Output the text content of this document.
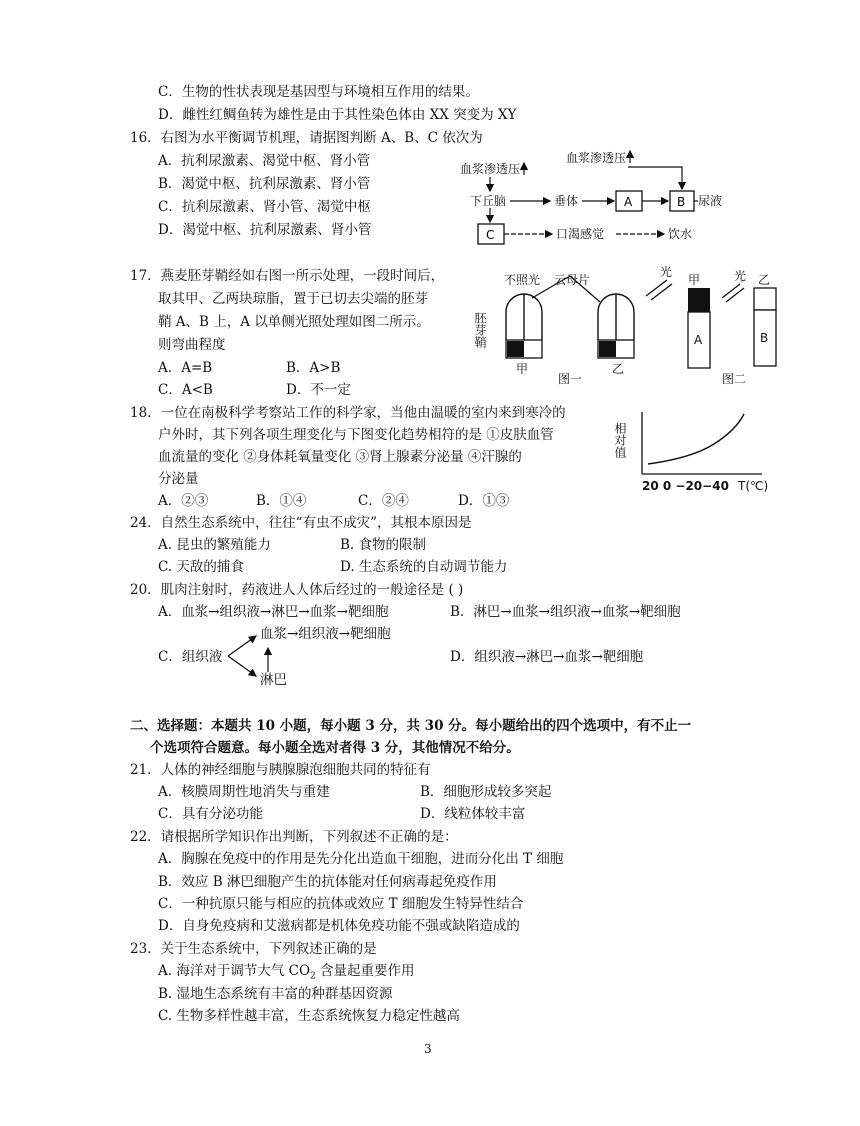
C．生物的性状表现是基因型与环境相互作用的结果。
D．雌性红鲷鱼转为雄性是由于其性染色体由 XX 突变为 XY
16．右图为水平衡调节机理，请据图判断 A、B、C 依次为
A．抗利尿激素、渴觉中枢、肾小管
B．渴觉中枢、抗利尿激素、肾小管
C．抗利尿激素、肾小管、渴觉中枢
D．渴觉中枢、抗利尿激素、肾小管
血浆渗透压
下丘脑
血浆渗透压
垂体	尿液
口渴感觉	饮水
A	B
C
17．燕麦胚芽鞘经如右图一所示处理，一段时间后，
取其甲、乙两块琼脂，置于已切去尖端的胚芽
鞘 A、B 上，A 以单侧光照处理如图二所示。
则弯曲程度
A．A=B	B．A>B
C．A<B	D．不一定
不照光 云母片
光	光
甲	乙
甲
图一
乙
图二
胚芽鞘	A	B
18．一位在南极科学考察站工作的科学家，当他由温暖的室内来到寒冷的
户外时，其下列各项生理变化与下图变化趋势相符的是 ①皮肤血管
血流量的变化 ②身体耗氧量变化 ③肾上腺素分泌量 ④汗腺的
分泌量
A．②③	B．①④	C．②④	D．①③
相对值
20 0 −20−40 T(℃)
24．自然生态系统中，往往“有虫不成灾”，其根本原因是
A. 昆虫的繁殖能力	B. 食物的限制
C. 天敌的捕食	D. 生态系统的自动调节能力
20．肌肉注射时，药液进人人体后经过的一般途径是 ( )
A．血浆→组织液→淋巴→血浆→靶细胞	B．淋巴→血浆→组织液→血浆→靶细胞
血浆→组织液→靶细胞
C．组织液
淋巴
D．组织液→淋巴→血浆→靶细胞
二、选择题：本题共 10 小题，每小题 3 分，共 30 分。每小题给出的四个选项中，有不止一
个选项符合题意。每小题全选对者得 3 分，其他情况不给分。
21．人体的神经细胞与胰腺腺泡细胞共同的特征有
A．核膜周期性地消失与重建	B．细胞形成较多突起
C．具有分泌功能	D．线粒体较丰富
22．请根据所学知识作出判断，下列叙述不正确的是：
A．胸腺在免疫中的作用是先分化出造血干细胞，进而分化出 T 细胞
B．效应 B 淋巴细胞产生的抗体能对任何病毒起免疫作用
C．一种抗原只能与相应的抗体或效应 T 细胞发生特异性结合
D．自身免疫病和艾滋病都是机体免疫功能不强或缺陷造成的
23．关于生态系统中，下列叙述正确的是
A. 海洋对于调节大气 $CO_2$ 含量起重要作用
B. 湿地生态系统有丰富的种群基因资源
C. 生物多样性越丰富，生态系统恢复力稳定性越高
3
